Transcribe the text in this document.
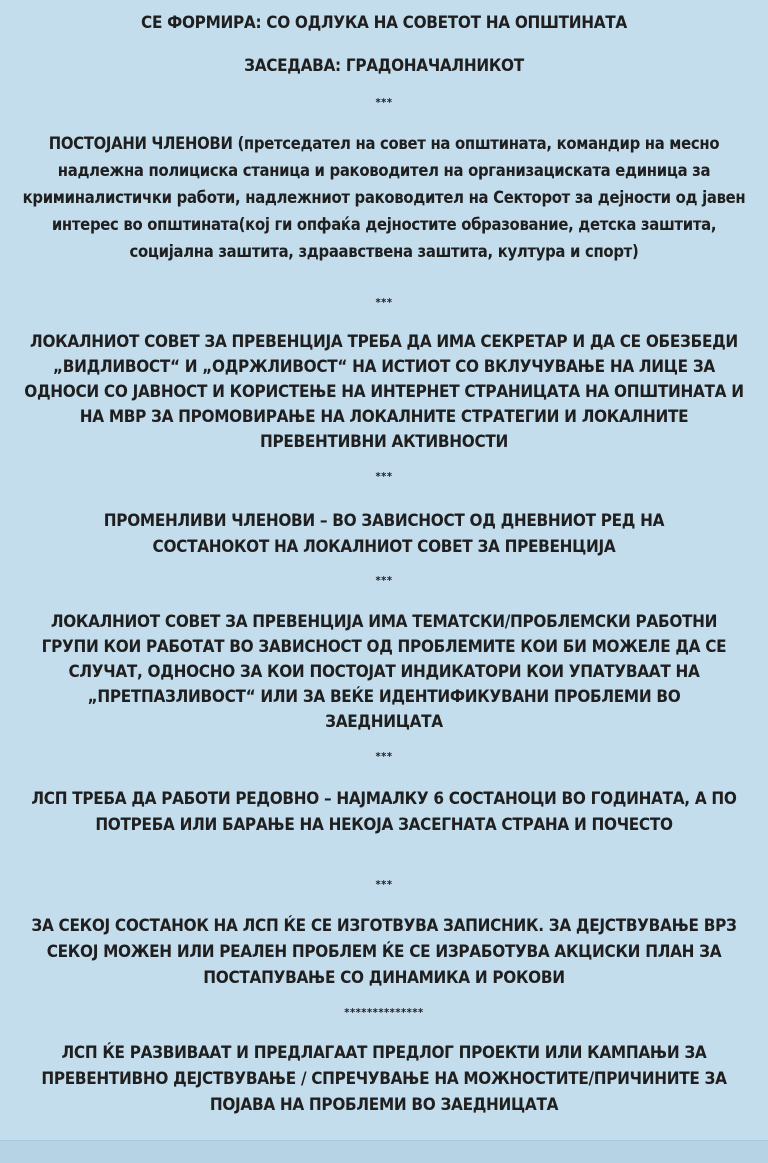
СЕ ФОРМИРА: СО ОДЛУКА НА СОВЕТОТ НА ОПШТИНАТА
ЗАСЕДАВА: ГРАДОНАЧАЛНИКОТ
***
ПОСТОЈАНИ ЧЛЕНОВИ (претседател на совет на општината, командир на месно надлежна полициска станица и раководител на организациската единица за криминалистички работи, надлежниот раководител на Секторот за дејности од јавен интерес во општината(кој ги опфаќа дејностите образование, детска заштита, социјална заштита, здраавствена заштита, култура и спорт)
***
ЛОКАЛНИОТ СОВЕТ ЗА ПРЕВЕНЦИЈА ТРЕБА ДА ИМА СЕКРЕТАР И ДА СЕ ОБЕЗБЕДИ „ВИДЛИВОСТ“ И „ОДРЖЛИВОСТ“ НА ИСТИОТ СО ВКЛУЧУВАЊЕ НА ЛИЦЕ ЗА ОДНОСИ СО ЈАВНОСТ И КОРИСТЕЊЕ НА ИНТЕРНЕТ СТРАНИЦАТА НА ОПШТИНАТА И НА МВР ЗА ПРОМОВИРАЊЕ НА ЛОКАЛНИТЕ СТРАТЕГИИ И ЛОКАЛНИТЕ ПРЕВЕНТИВНИ АКТИВНОСТИ
***
ПРОМЕНЛИВИ ЧЛЕНОВИ – ВО ЗАВИСНОСТ ОД ДНЕВНИОТ РЕД НА СОСТАНОКОТ НА ЛОКАЛНИОТ СОВЕТ ЗА ПРЕВЕНЦИЈА
***
ЛОКАЛНИОТ СОВЕТ ЗА ПРЕВЕНЦИЈА ИМА ТЕМАТСКИ/ПРОБЛЕМСКИ РАБОТНИ ГРУПИ КОИ РАБОТАТ ВО ЗАВИСНОСТ ОД ПРОБЛЕМИТЕ КОИ БИ МОЖЕЛЕ ДА СЕ СЛУЧАТ, ОДНОСНО ЗА КОИ ПОСТОЈАТ ИНДИКАТОРИ КОИ УПАТУВААТ НА „ПРЕТПАЗЛИВОСТ“ ИЛИ ЗА ВЕЌЕ ИДЕНТИФИКУВАНИ ПРОБЛЕМИ ВО ЗАЕДНИЦАТА
***
ЛСП ТРЕБА ДА РАБОТИ РЕДОВНО – НАЈМАЛКУ 6 СОСТАНОЦИ ВО ГОДИНАТА, А ПО ПОТРЕБА ИЛИ БАРАЊЕ НА НЕКОЈА ЗАСЕГНАТА СТРАНА И ПОЧЕСТО
***
ЗА СЕКОЈ СОСТАНОК НА ЛСП ЌЕ СЕ ИЗГОТВУВА ЗАПИСНИК. ЗА ДЕЈСТВУВАЊЕ ВРЗ СЕКОЈ МОЖЕН ИЛИ РЕАЛЕН ПРОБЛЕМ ЌЕ СЕ ИЗРАБОТУВА АКЦИСКИ ПЛАН ЗА ПОСТАПУВАЊЕ СО ДИНАМИКА И РОКОВИ
**************
ЛСП ЌЕ РАЗВИВААТ И ПРЕДЛАГААТ ПРЕДЛОГ ПРОЕКТИ ИЛИ КАМПАЊИ ЗА ПРЕВЕНТИВНО ДЕЈСТВУВАЊЕ / СПРЕЧУВАЊЕ НА МОЖНОСТИТЕ/ПРИЧИНИТЕ ЗА ПОЈАВА НА ПРОБЛЕМИ ВО ЗАЕДНИЦАТА
